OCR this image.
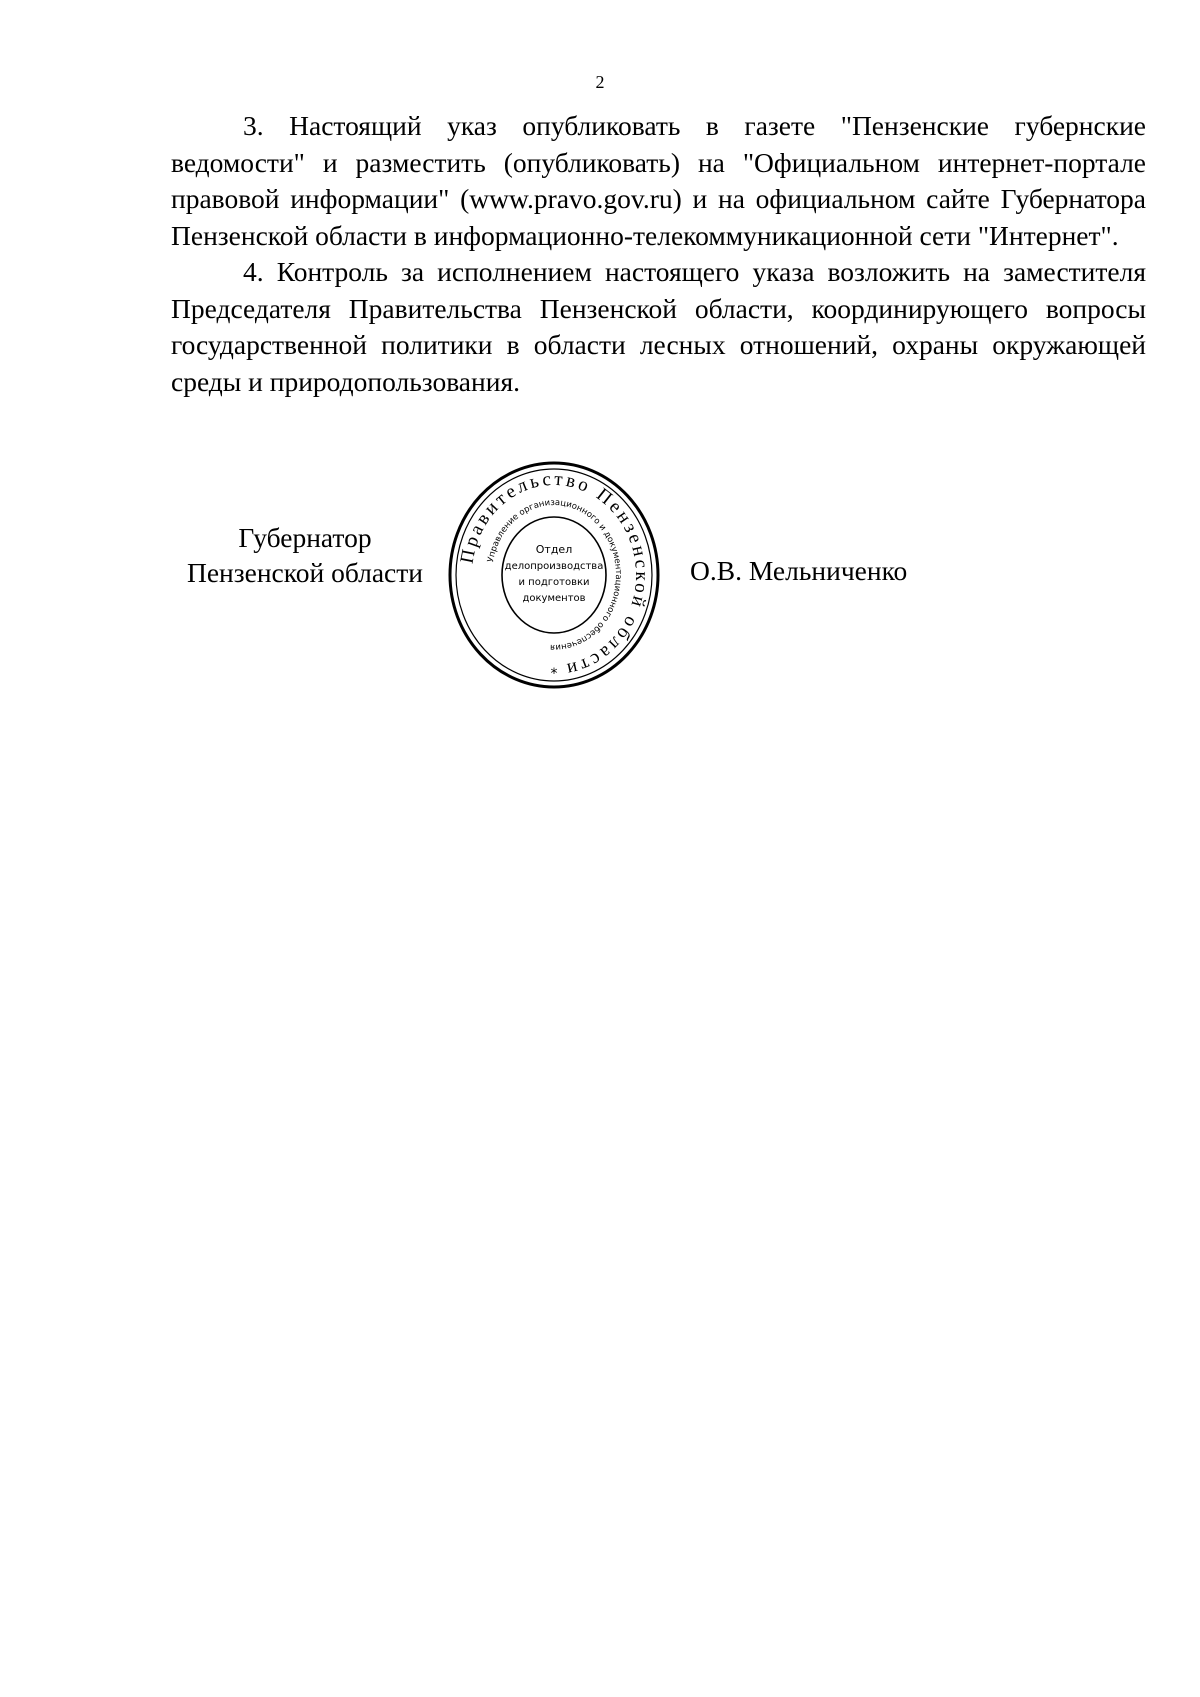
2

3. Настоящий указ опубликовать в газете "Пензенские губернские ведомости" и разместить (опубликовать) на "Официальном интернет-портале правовой информации" (www.pravo.gov.ru) и на официальном сайте Губернатора Пензенской области в информационно-телекоммуникационной сети "Интернет".

4. Контроль за исполнением настоящего указа возложить на заместителя Председателя Правительства Пензенской области, координирующего вопросы государственной политики в области лесных отношений, охраны окружающей среды и природопользования.

Губернатор
Пензенской области
Правительство Пензенской области
Управление организационного и документационного обеспечения
Отдел
делопроизводства
и подготовки
документов
*
О.В. Мельниченко
